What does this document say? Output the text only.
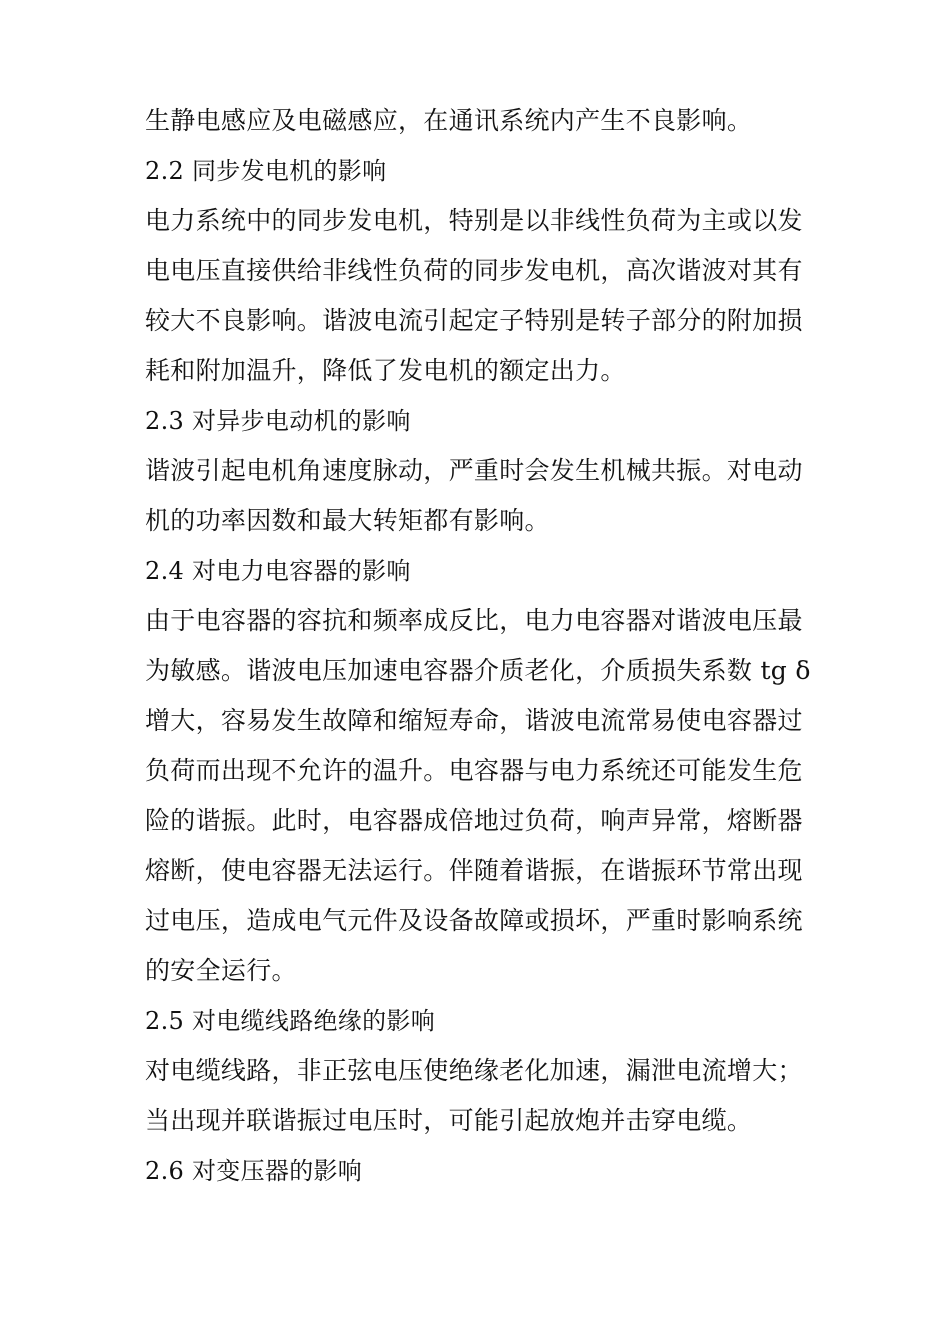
生静电感应及电磁感应，在通讯系统内产生不良影响。
2.2 同步发电机的影响
电力系统中的同步发电机，特别是以非线性负荷为主或以发
电电压直接供给非线性负荷的同步发电机，高次谐波对其有
较大不良影响。谐波电流引起定子特别是转子部分的附加损
耗和附加温升，降低了发电机的额定出力。
2.3 对异步电动机的影响
谐波引起电机角速度脉动，严重时会发生机械共振。对电动
机的功率因数和最大转矩都有影响。
2.4 对电力电容器的影响
由于电容器的容抗和频率成反比，电力电容器对谐波电压最
为敏感。谐波电压加速电容器介质老化，介质损失系数 tg δ
增大，容易发生故障和缩短寿命，谐波电流常易使电容器过
负荷而出现不允许的温升。电容器与电力系统还可能发生危
险的谐振。此时，电容器成倍地过负荷，响声异常，熔断器
熔断，使电容器无法运行。伴随着谐振，在谐振环节常出现
过电压，造成电气元件及设备故障或损坏，严重时影响系统
的安全运行。
2.5 对电缆线路绝缘的影响
对电缆线路，非正弦电压使绝缘老化加速，漏泄电流增大；
当出现并联谐振过电压时，可能引起放炮并击穿电缆。
2.6 对变压器的影响
